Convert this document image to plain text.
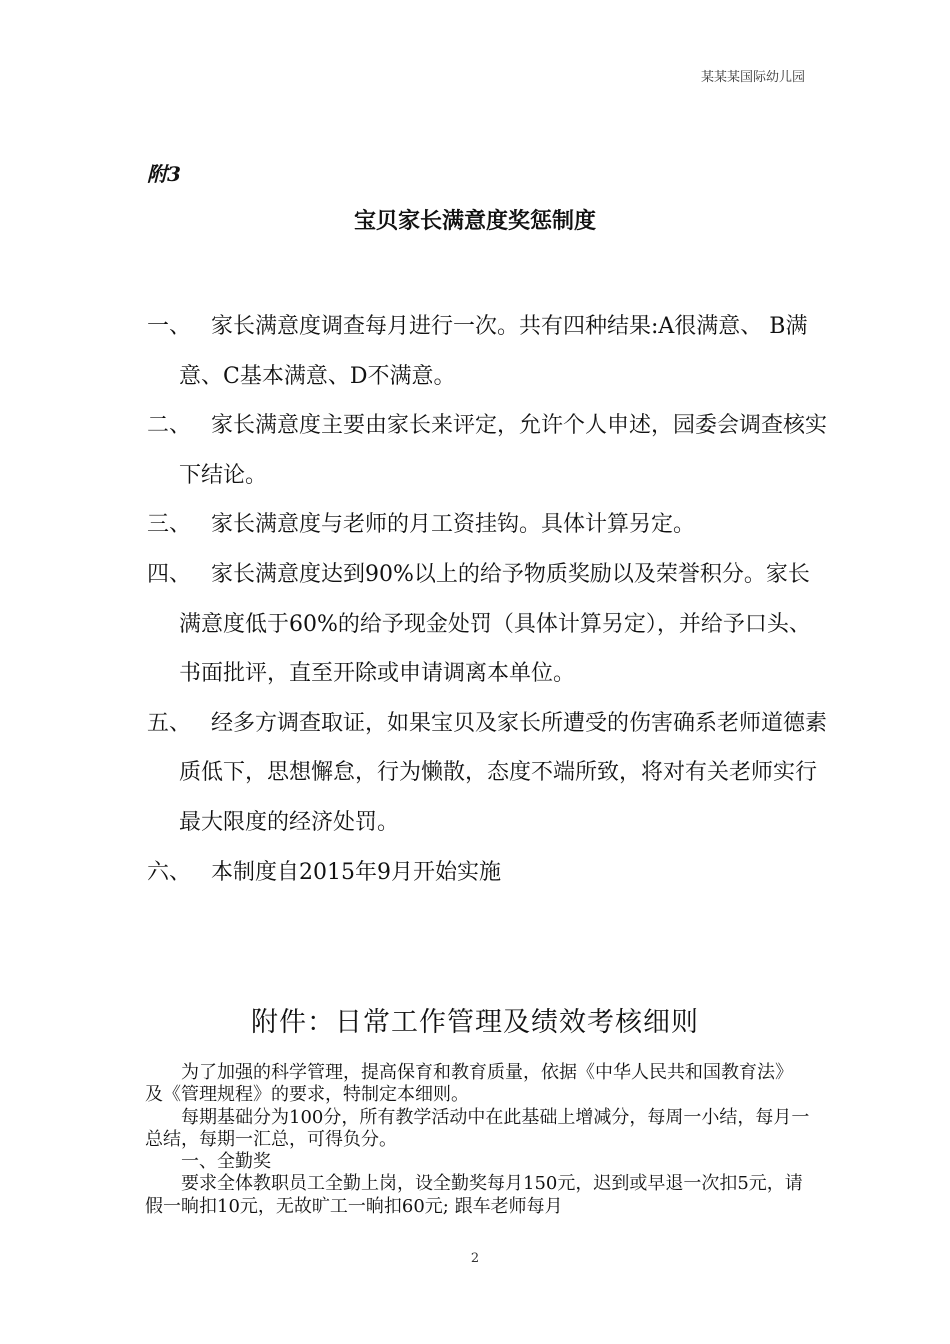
某某某国际幼儿园
附3
宝贝家长满意度奖惩制度
一、 家长满意度调查每月进行一次。共有四种结果:A很满意、 B满意、C基本满意、D不满意。
二、 家长满意度主要由家长来评定，允许个人申述，园委会调查核实下结论。
三、 家长满意度与老师的月工资挂钩。具体计算另定。
四、 家长满意度达到90%以上的给予物质奖励以及荣誉积分。家长满意度低于60%的给予现金处罚（具体计算另定），并给予口头、书面批评，直至开除或申请调离本单位。
五、 经多方调查取证，如果宝贝及家长所遭受的伤害确系老师道德素质低下，思想懈怠，行为懒散，态度不端所致，将对有关老师实行最大限度的经济处罚。
六、 本制度自2015年9月开始实施
附件：日常工作管理及绩效考核细则

为了加强的科学管理，提高保育和教育质量，依据《中华人民共和国教育法》及《管理规程》的要求，特制定本细则。

每期基础分为100分，所有教学活动中在此基础上增减分，每周一小结，每月一总结，每期一汇总，可得负分。

一、全勤奖

要求全体教职员工全勤上岗，设全勤奖每月150元，迟到或早退一次扣5元，请假一晌扣10元，无故旷工一晌扣60元; 跟车老师每月

2
